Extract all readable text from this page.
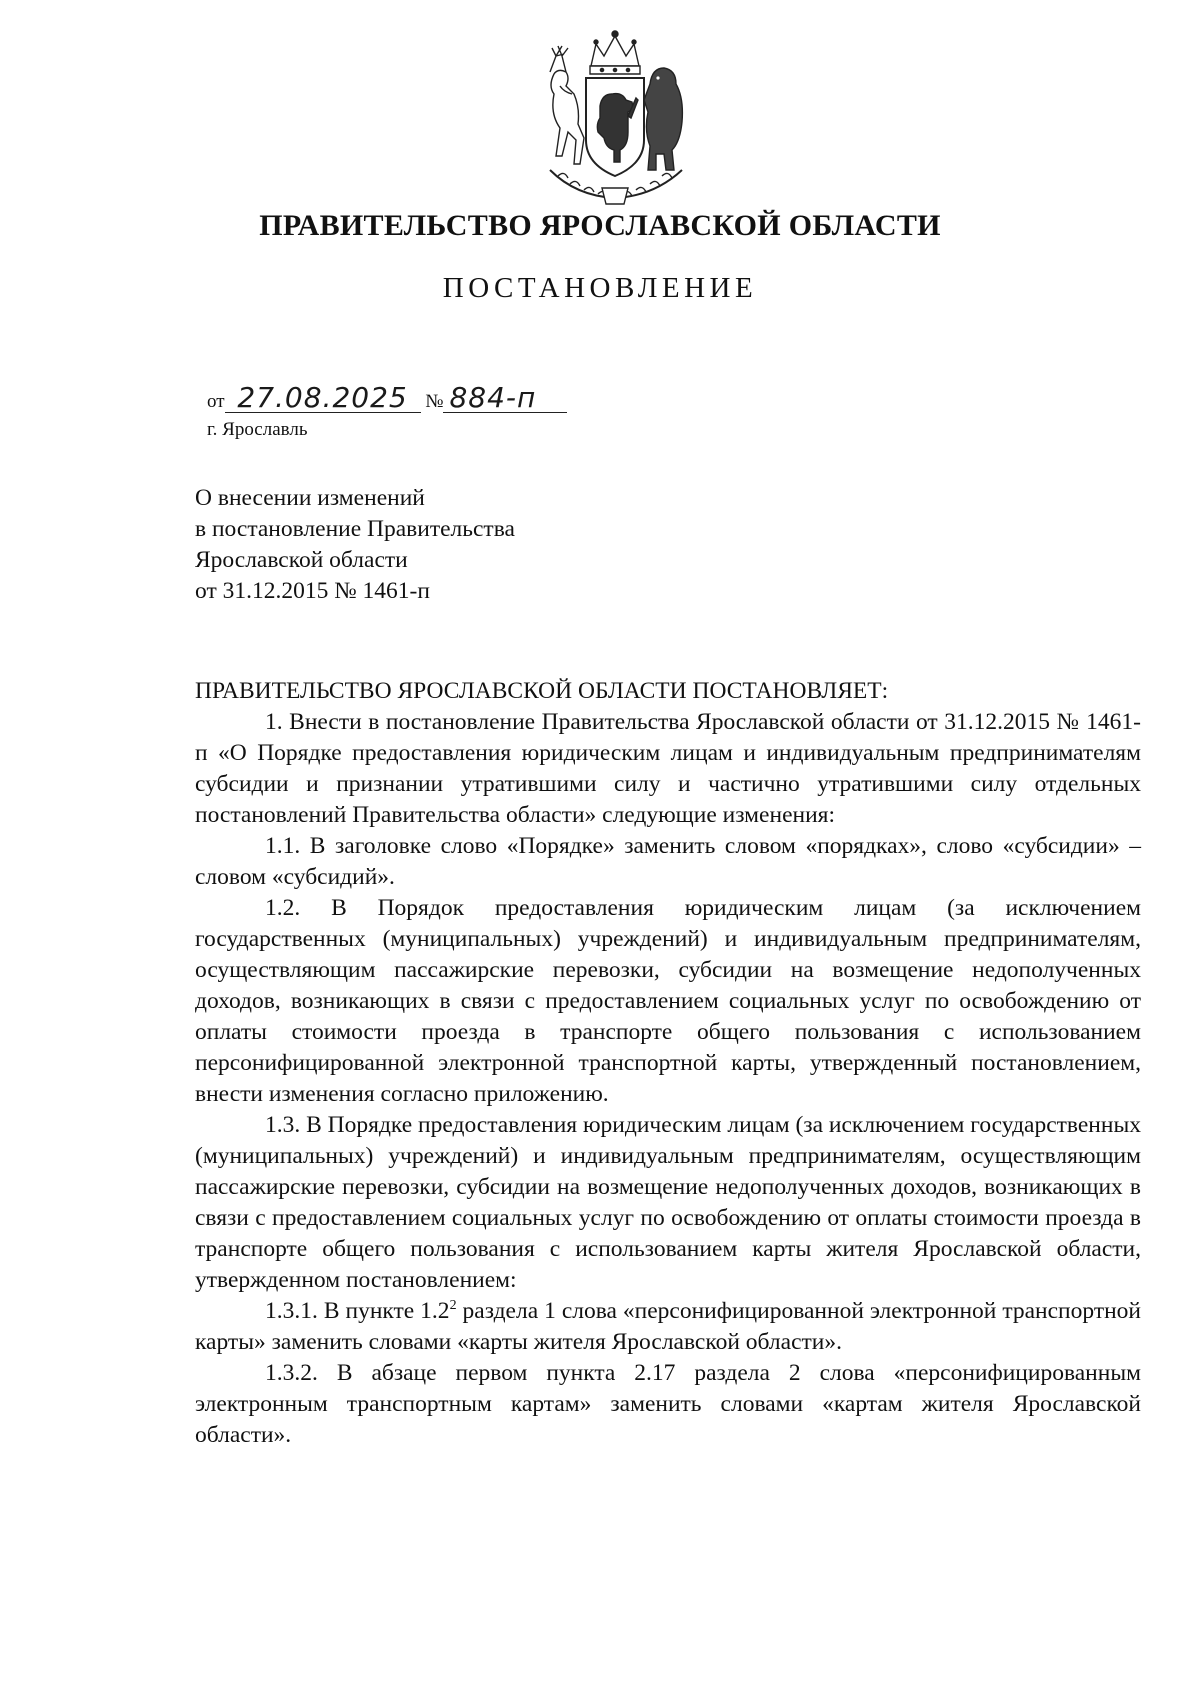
ПРАВИТЕЛЬСТВО ЯРОСЛАВСКОЙ ОБЛАСТИ
ПОСТАНОВЛЕНИЕ
от 27.08.2025 № 884-п
г. Ярославль
О внесении изменений
в постановление Правительства
Ярославской области
от 31.12.2015 № 1461-п

ПРАВИТЕЛЬСТВО ЯРОСЛАВСКОЙ ОБЛАСТИ ПОСТАНОВЛЯЕТ:

1. Внести в постановление Правительства Ярославской области от 31.12.2015 № 1461-п «О Порядке предоставления юридическим лицам и индивидуальным предпринимателям субсидии и признании утратившими силу и частично утратившими силу отдельных постановлений Правительства области» следующие изменения:

1.1. В заголовке слово «Порядке» заменить словом «порядках», слово «субсидии» – словом «субсидий».

1.2. В Порядок предоставления юридическим лицам (за исключением государственных (муниципальных) учреждений) и индивидуальным предпринимателям, осуществляющим пассажирские перевозки, субсидии на возмещение недополученных доходов, возникающих в связи с предоставлением социальных услуг по освобождению от оплаты стоимости проезда в транспорте общего пользования с использованием персонифицированной электронной транспортной карты, утвержденный постановлением, внести изменения согласно приложению.

1.3. В Порядке предоставления юридическим лицам (за исключением государственных (муниципальных) учреждений) и индивидуальным предпринимателям, осуществляющим пассажирские перевозки, субсидии на возмещение недополученных доходов, возникающих в связи с предоставлением социальных услуг по освобождению от оплаты стоимости проезда в транспорте общего пользования с использованием карты жителя Ярославской области, утвержденном постановлением:

1.3.1. В пункте $1.2^2$ раздела 1 слова «персонифицированной электронной транспортной карты» заменить словами «карты жителя Ярославской области».

1.3.2. В абзаце первом пункта 2.17 раздела 2 слова «персонифицированным электронным транспортным картам» заменить словами «картам жителя Ярославской области».
